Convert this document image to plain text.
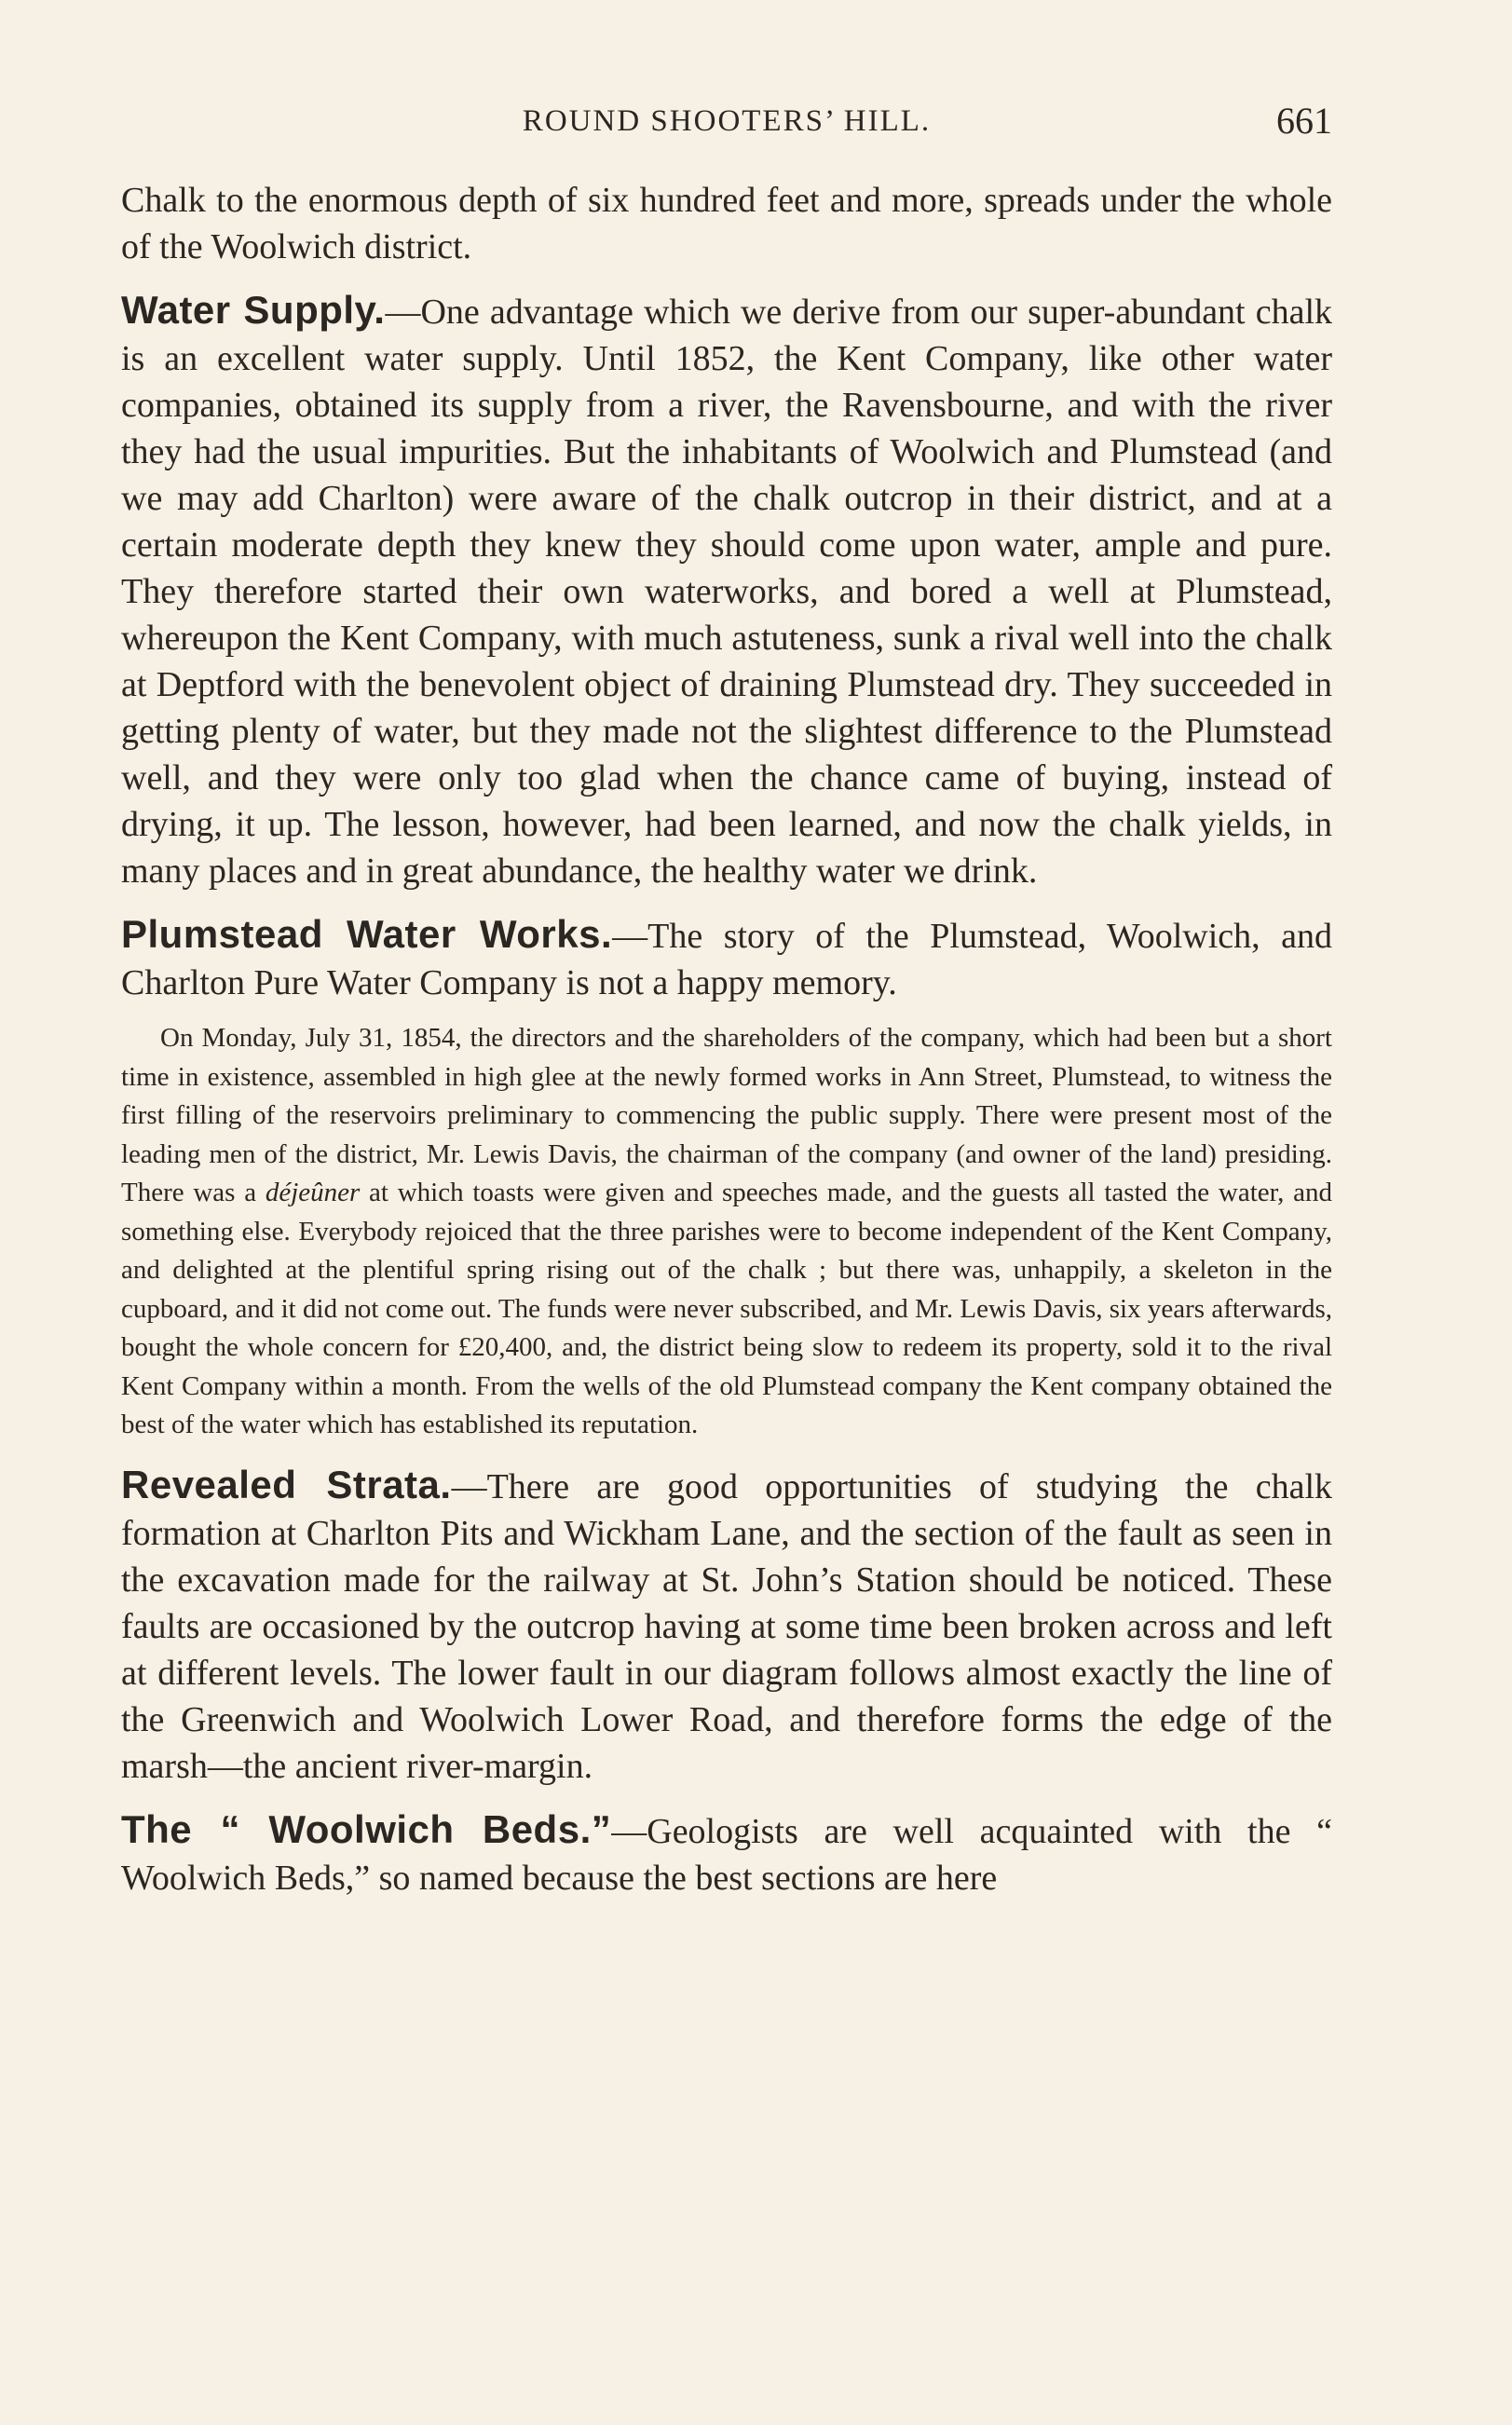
ROUND SHOOTERS’ HILL.	661

Chalk to the enormous depth of six hundred feet and more, spreads under the whole of the Woolwich district.

Water Supply.—One advantage which we derive from our super-abundant chalk is an excellent water supply. Until 1852, the Kent Company, like other water companies, obtained its supply from a river, the Ravensbourne, and with the river they had the usual impurities. But the inhabitants of Woolwich and Plumstead (and we may add Charlton) were aware of the chalk outcrop in their district, and at a certain moderate depth they knew they should come upon water, ample and pure. They therefore started their own waterworks, and bored a well at Plumstead, whereupon the Kent Company, with much astuteness, sunk a rival well into the chalk at Deptford with the benevolent object of draining Plumstead dry. They succeeded in getting plenty of water, but they made not the slightest difference to the Plumstead well, and they were only too glad when the chance came of buying, instead of drying, it up. The lesson, however, had been learned, and now the chalk yields, in many places and in great abundance, the healthy water we drink.

Plumstead Water Works.—The story of the Plumstead, Woolwich, and Charlton Pure Water Company is not a happy memory.

On Monday, July 31, 1854, the directors and the shareholders of the company, which had been but a short time in existence, assembled in high glee at the newly formed works in Ann Street, Plumstead, to witness the first filling of the reservoirs preliminary to commencing the public supply. There were present most of the leading men of the district, Mr. Lewis Davis, the chairman of the company (and owner of the land) presiding. There was a déjeûner at which toasts were given and speeches made, and the guests all tasted the water, and something else. Everybody rejoiced that the three parishes were to become independent of the Kent Company, and delighted at the plentiful spring rising out of the chalk ; but there was, unhappily, a skeleton in the cupboard, and it did not come out. The funds were never subscribed, and Mr. Lewis Davis, six years afterwards, bought the whole concern for £20,400, and, the district being slow to redeem its property, sold it to the rival Kent Company within a month. From the wells of the old Plumstead company the Kent company obtained the best of the water which has established its reputation.

Revealed Strata.—There are good opportunities of studying the chalk formation at Charlton Pits and Wickham Lane, and the section of the fault as seen in the excavation made for the railway at St. John’s Station should be noticed. These faults are occasioned by the outcrop having at some time been broken across and left at different levels. The lower fault in our diagram follows almost exactly the line of the Greenwich and Woolwich Lower Road, and therefore forms the edge of the marsh—the ancient river-margin.

The “ Woolwich Beds.”—Geologists are well acquainted with the “ Woolwich Beds,” so named because the best sections are here
